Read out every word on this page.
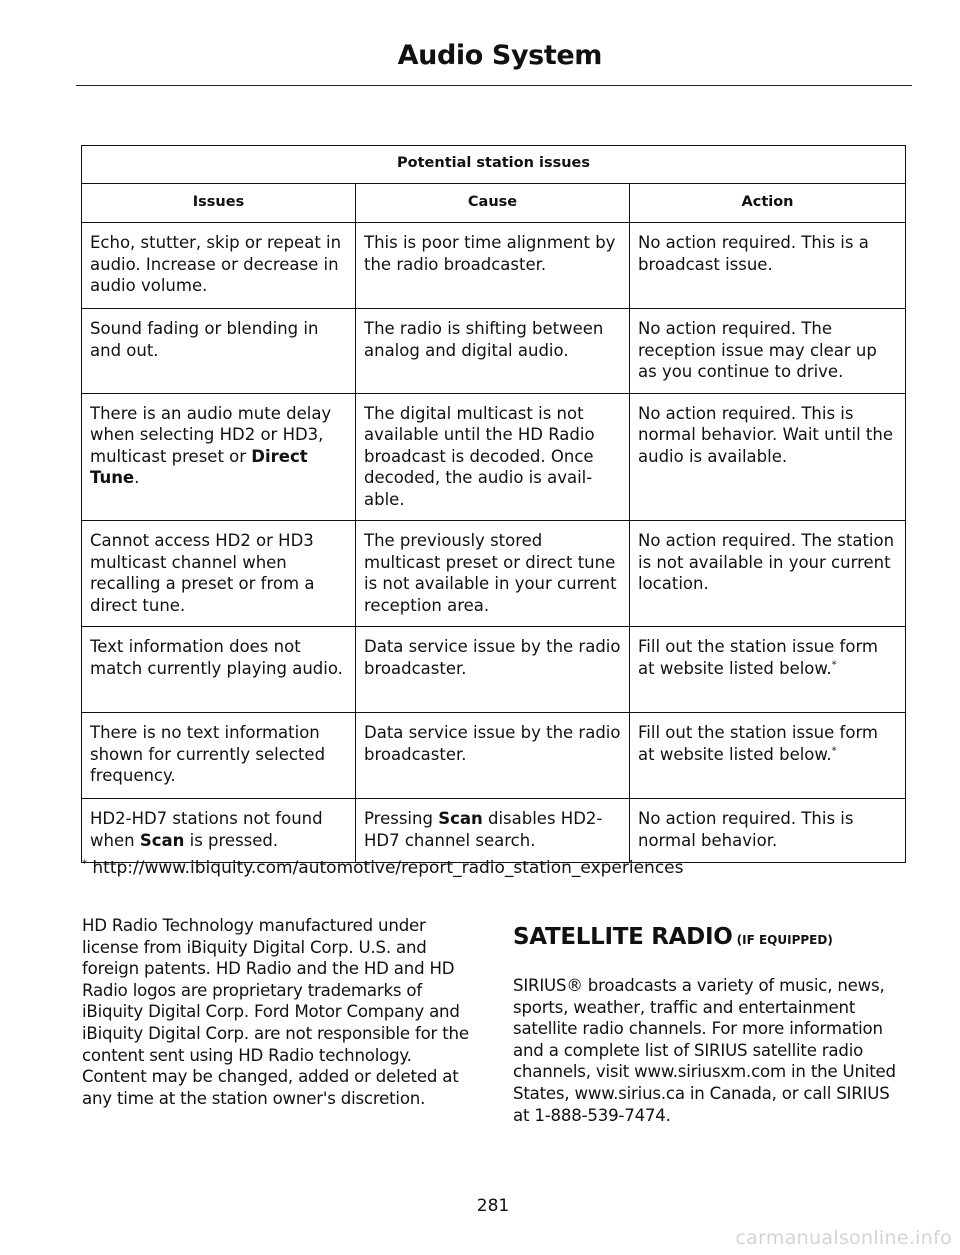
Audio System
Potential station issues		
Issues	Cause	Action
Echo, stutter, skip or repeat in audio. Increase or decrease in audio volume.	This is poor time alignment by the radio broadcaster.	No action required. This is a broadcast issue.
Sound fading or blending in and out.	The radio is shifting between analog and digital audio.	No action required. The reception issue may clear up as you continue to drive.
There is an audio mute delay when selecting HD2 or HD3, multicast preset or Direct Tune.	The digital multicast is not available until the HD Radio broadcast is decoded. Once decoded, the audio is avail-able.	No action required. This is normal behavior. Wait until the audio is available.
Cannot access HD2 or HD3 multicast channel when recalling a preset or from a direct tune.	The previously stored multicast preset or direct tune is not available in your current reception area.	No action required. The station is not available in your current location.
Text information does not match currently playing audio.	Data service issue by the radio broadcaster.	Fill out the station issue form at website listed below.*
There is no text information shown for currently selected frequency.	Data service issue by the radio broadcaster.	Fill out the station issue form at website listed below.*
HD2-HD7 stations not found when Scan is pressed.	Pressing Scan disables HD2-HD7 channel search.	No action required. This is normal behavior.
* http://www.ibiquity.com/automotive/report_radio_station_experiences
HD Radio Technology manufactured under license from iBiquity Digital Corp. U.S. and foreign patents. HD Radio and the HD and HD Radio logos are proprietary trademarks of iBiquity Digital Corp. Ford Motor Company and iBiquity Digital Corp. are not responsible for the content sent using HD Radio technology. Content may be changed, added or deleted at any time at the station owner's discretion.
SATELLITE RADIO (IF EQUIPPED)
SIRIUS® broadcasts a variety of music, news, sports, weather, traffic and entertainment satellite radio channels. For more information and a complete list of SIRIUS satellite radio channels, visit www.siriusxm.com in the United States, www.sirius.ca in Canada, or call SIRIUS at 1-888-539-7474.
281
carmanualsonline.info
